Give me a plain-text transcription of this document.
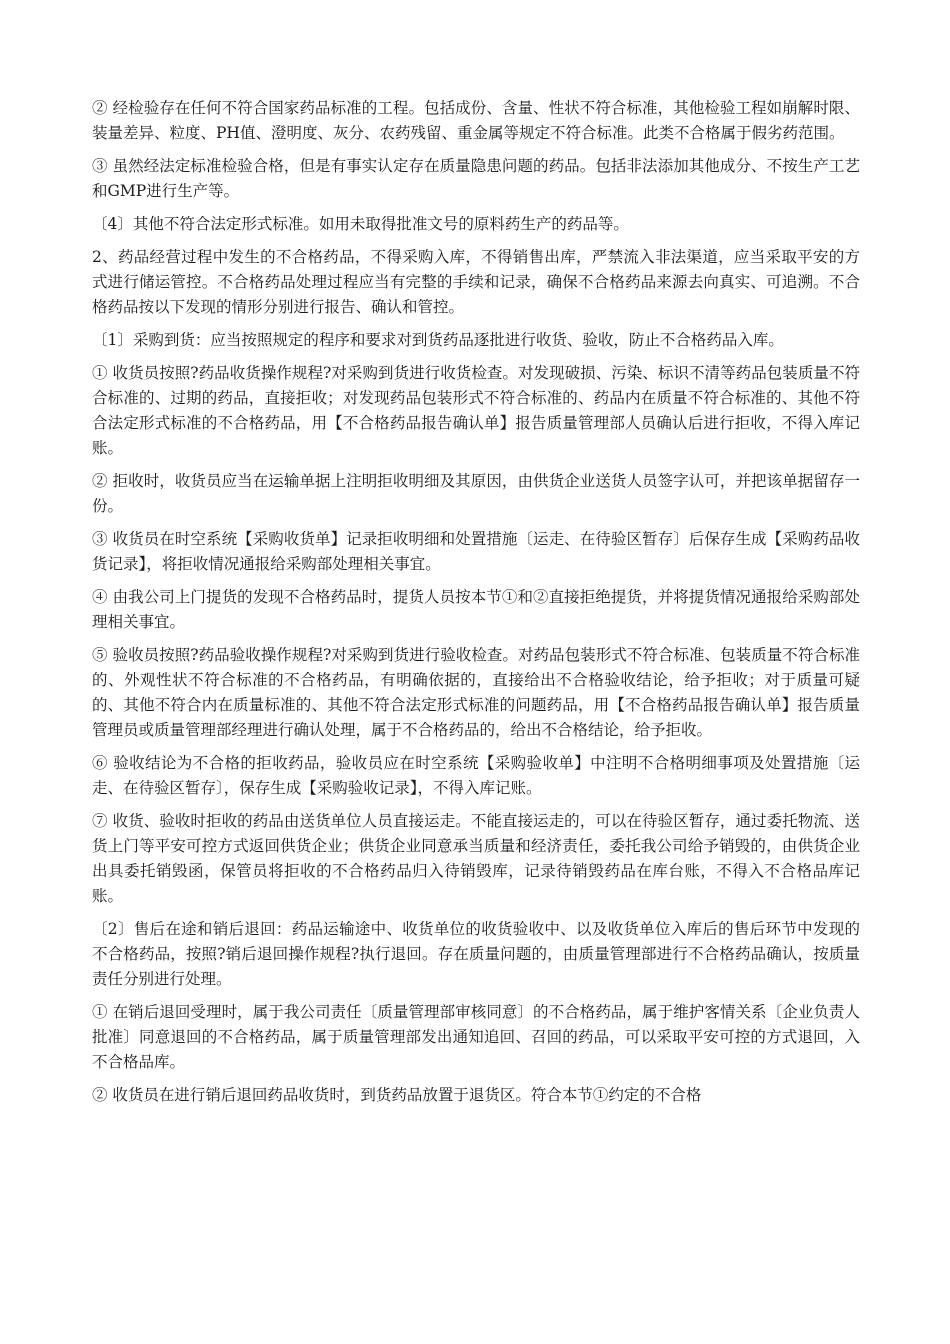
② 经检验存在任何不符合国家药品标准的工程。包括成份、含量、性状不符合标准，其他检验工程如崩解时限、装量差异、粒度、PH值、澄明度、灰分、农药残留、重金属等规定不符合标准。此类不合格属于假劣药范围。

③ 虽然经法定标准检验合格，但是有事实认定存在质量隐患问题的药品。包括非法添加其他成分、不按生产工艺和GMP进行生产等。

〔4〕其他不符合法定形式标准。如用未取得批准文号的原料药生产的药品等。

2、药品经营过程中发生的不合格药品，不得采购入库，不得销售出库，严禁流入非法渠道，应当采取平安的方式进行储运管控。不合格药品处理过程应当有完整的手续和记录，确保不合格药品来源去向真实、可追溯。不合格药品按以下发现的情形分别进行报告、确认和管控。

〔1〕采购到货：应当按照规定的程序和要求对到货药品逐批进行收货、验收，防止不合格药品入库。

① 收货员按照?药品收货操作规程?对采购到货进行收货检查。对发现破损、污染、标识不清等药品包装质量不符合标准的、过期的药品，直接拒收；对发现药品包装形式不符合标准的、药品内在质量不符合标准的、其他不符合法定形式标准的不合格药品，用【不合格药品报告确认单】报告质量管理部人员确认后进行拒收，不得入库记账。

② 拒收时，收货员应当在运输单据上注明拒收明细及其原因，由供货企业送货人员签字认可，并把该单据留存一份。

③ 收货员在时空系统【采购收货单】记录拒收明细和处置措施〔运走、在待验区暂存〕后保存生成【采购药品收货记录】，将拒收情况通报给采购部处理相关事宜。

④ 由我公司上门提货的发现不合格药品时，提货人员按本节①和②直接拒绝提货，并将提货情况通报给采购部处理相关事宜。

⑤ 验收员按照?药品验收操作规程?对采购到货进行验收检查。对药品包装形式不符合标准、包装质量不符合标准的、外观性状不符合标准的不合格药品，有明确依据的，直接给出不合格验收结论，给予拒收；对于质量可疑的、其他不符合内在质量标准的、其他不符合法定形式标准的问题药品，用【不合格药品报告确认单】报告质量管理员或质量管理部经理进行确认处理，属于不合格药品的，给出不合格结论，给予拒收。

⑥ 验收结论为不合格的拒收药品，验收员应在时空系统【采购验收单】中注明不合格明细事项及处置措施〔运走、在待验区暂存〕，保存生成【采购验收记录】，不得入库记账。

⑦ 收货、验收时拒收的药品由送货单位人员直接运走。不能直接运走的，可以在待验区暂存，通过委托物流、送货上门等平安可控方式返回供货企业；供货企业同意承当质量和经济责任，委托我公司给予销毁的，由供货企业出具委托销毁函，保管员将拒收的不合格药品归入待销毁库，记录待销毁药品在库台账，不得入不合格品库记账。

〔2〕售后在途和销后退回：药品运输途中、收货单位的收货验收中、以及收货单位入库后的售后环节中发现的不合格药品，按照?销后退回操作规程?执行退回。存在质量问题的，由质量管理部进行不合格药品确认，按质量责任分别进行处理。

① 在销后退回受理时，属于我公司责任〔质量管理部审核同意〕的不合格药品，属于维护客情关系〔企业负责人批准〕同意退回的不合格药品，属于质量管理部发出通知追回、召回的药品，可以采取平安可控的方式退回，入不合格品库。

② 收货员在进行销后退回药品收货时，到货药品放置于退货区。符合本节①约定的不合格
